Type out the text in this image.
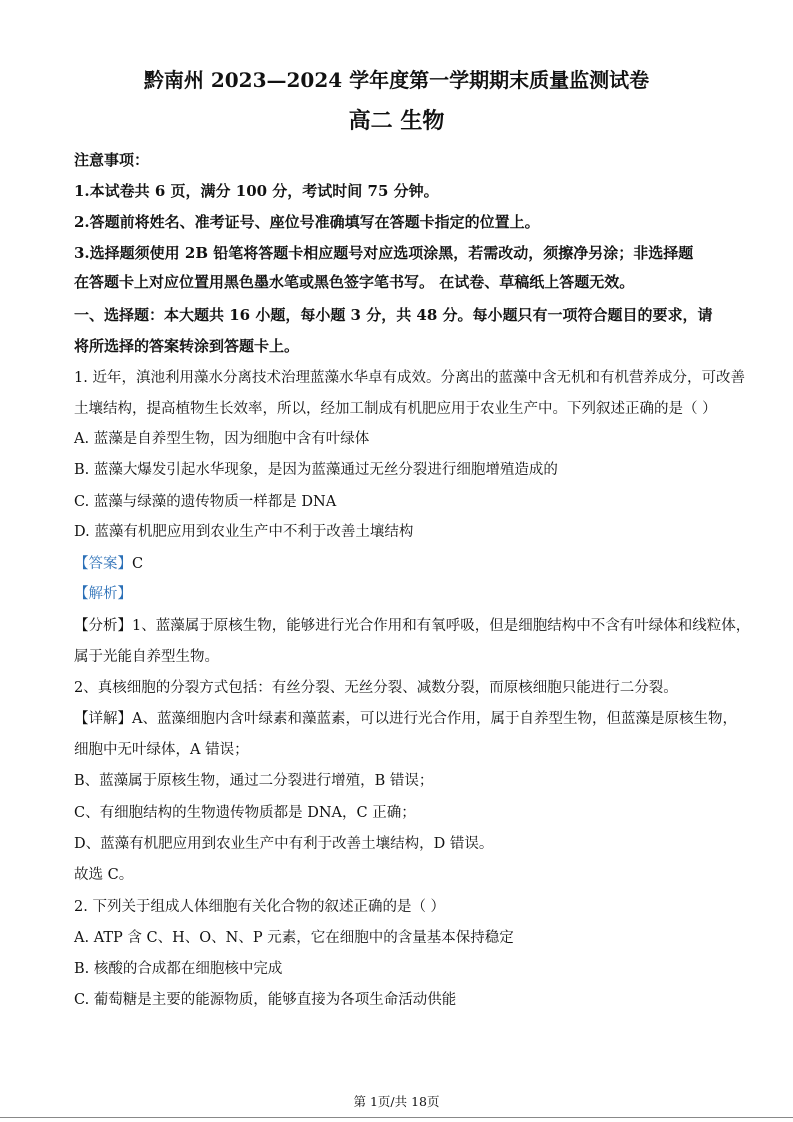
黔南州 2023—2024 学年度第一学期期末质量监测试卷
高二 生物
注意事项：
1.本试卷共 6 页，满分 100 分，考试时间 75 分钟。
2.答题前将姓名、准考证号、座位号准确填写在答题卡指定的位置上。
3.选择题须使用 2B 铅笔将答题卡相应题号对应选项涂黑，若需改动，须擦净另涂；非选择题
在答题卡上对应位置用黑色墨水笔或黑色签字笔书写。 在试卷、草稿纸上答题无效。
一、选择题：本大题共 16 小题，每小题 3 分，共 48 分。每小题只有一项符合题目的要求，请
将所选择的答案转涂到答题卡上。
1. 近年，滇池利用藻水分离技术治理蓝藻水华卓有成效。分离出的蓝藻中含无机和有机营养成分，可改善
土壤结构，提高植物生长效率，所以，经加工制成有机肥应用于农业生产中。下列叙述正确的是（ ）
A. 蓝藻是自养型生物，因为细胞中含有叶绿体
B. 蓝藻大爆发引起水华现象，是因为蓝藻通过无丝分裂进行细胞增殖造成的
C. 蓝藻与绿藻的遗传物质一样都是 DNA
D. 蓝藻有机肥应用到农业生产中不利于改善土壤结构
【答案】C
【解析】
【分析】1、蓝藻属于原核生物，能够进行光合作用和有氧呼吸，但是细胞结构中不含有叶绿体和线粒体，
属于光能自养型生物。
2、真核细胞的分裂方式包括：有丝分裂、无丝分裂、减数分裂，而原核细胞只能进行二分裂。
【详解】A、蓝藻细胞内含叶绿素和藻蓝素，可以进行光合作用，属于自养型生物，但蓝藻是原核生物，
细胞中无叶绿体，A 错误；
B、蓝藻属于原核生物，通过二分裂进行增殖，B 错误；
C、有细胞结构的生物遗传物质都是 DNA，C 正确；
D、蓝藻有机肥应用到农业生产中有利于改善土壤结构，D 错误。
故选 C。
2. 下列关于组成人体细胞有关化合物的叙述正确的是（ ）
A. ATP 含 C、H、O、N、P 元素，它在细胞中的含量基本保持稳定
B. 核酸的合成都在细胞核中完成
C. 葡萄糖是主要的能源物质，能够直接为各项生命活动供能
第 1页/共 18页
